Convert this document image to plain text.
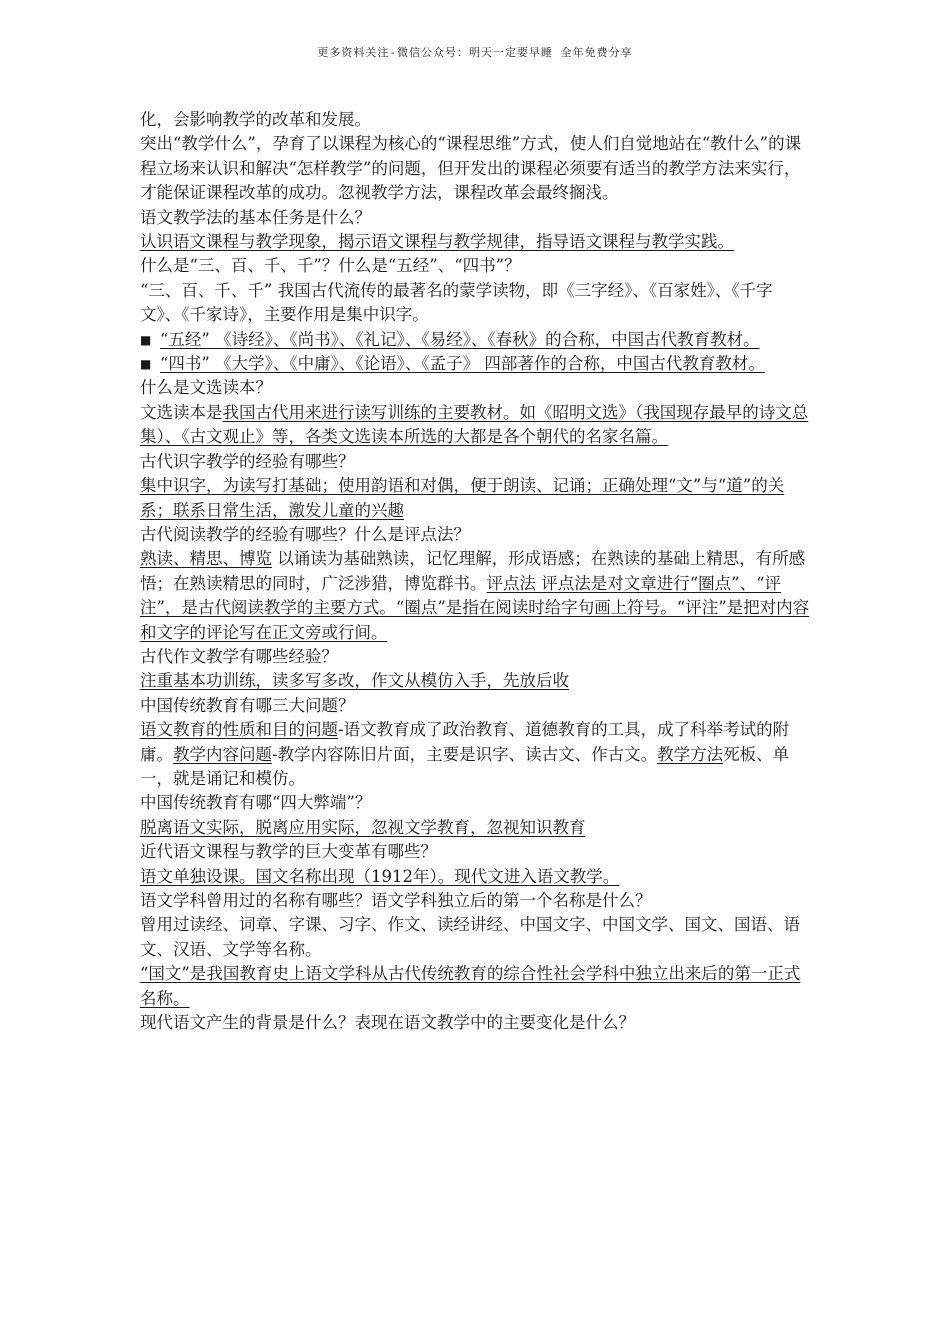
更多资料关注-微信公众号：明天一定要早睡 全年免费分享

化，会影响教学的改革和发展。

突出“教学什么”，孕育了以课程为核心的“课程思维”方式，使人们自觉地站在“教什么”的课程立场来认识和解决“怎样教学”的问题，但开发出的课程必须要有适当的教学方法来实行，才能保证课程改革的成功。忽视教学方法，课程改革会最终搁浅。

语文教学法的基本任务是什么？

认识语文课程与教学现象，揭示语文课程与教学规律，指导语文课程与教学实践。

什么是“三、百、千、千”？什么是“五经”、“四书”？

“三、百、千、千” 我国古代流传的最著名的蒙学读物，即《三字经》、《百家姓》、《千字文》、《千家诗》，主要作用是集中识字。

■ “五经” 《诗经》、《尚书》、《礼记》、《易经》、《春秋》的合称，中国古代教育教材。
■ “四书” 《大学》、《中庸》、《论语》、《孟子》 四部著作的合称，中国古代教育教材。

什么是文选读本？

文选读本是我国古代用来进行读写训练的主要教材。如《昭明文选》（我国现存最早的诗文总集）、《古文观止》等，各类文选读本所选的大都是各个朝代的名家名篇。

古代识字教学的经验有哪些？

集中识字，为读写打基础；使用韵语和对偶，便于朗读、记诵；正确处理“文”与“道”的关系；联系日常生活，激发儿童的兴趣

古代阅读教学的经验有哪些？什么是评点法？

熟读、精思、博览 以诵读为基础熟读，记忆理解，形成语感；在熟读的基础上精思，有所感悟；在熟读精思的同时，广泛涉猎，博览群书。评点法 评点法是对文章进行“圈点”、“评注”，是古代阅读教学的主要方式。“圈点”是指在阅读时给字句画上符号。“评注”是把对内容和文字的评论写在正文旁或行间。

古代作文教学有哪些经验？

注重基本功训练，读多写多改，作文从模仿入手，先放后收

中国传统教育有哪三大问题？

语文教育的性质和目的问题-语文教育成了政治教育、道德教育的工具，成了科举考试的附庸。教学内容问题-教学内容陈旧片面，主要是识字、读古文、作古文。教学方法死板、单一，就是诵记和模仿。

中国传统教育有哪“四大弊端”？

脱离语文实际，脱离应用实际，忽视文学教育，忽视知识教育

近代语文课程与教学的巨大变革有哪些？

语文单独设课。国文名称出现（1912年）。现代文进入语文教学。

语文学科曾用过的名称有哪些？语文学科独立后的第一个名称是什么？

曾用过读经、词章、字课、习字、作文、读经讲经、中国文字、中国文学、国文、国语、语文、汉语、文学等名称。

“国文”是我国教育史上语文学科从古代传统教育的综合性社会学科中独立出来后的第一正式名称。

现代语文产生的背景是什么？表现在语文教学中的主要变化是什么？
